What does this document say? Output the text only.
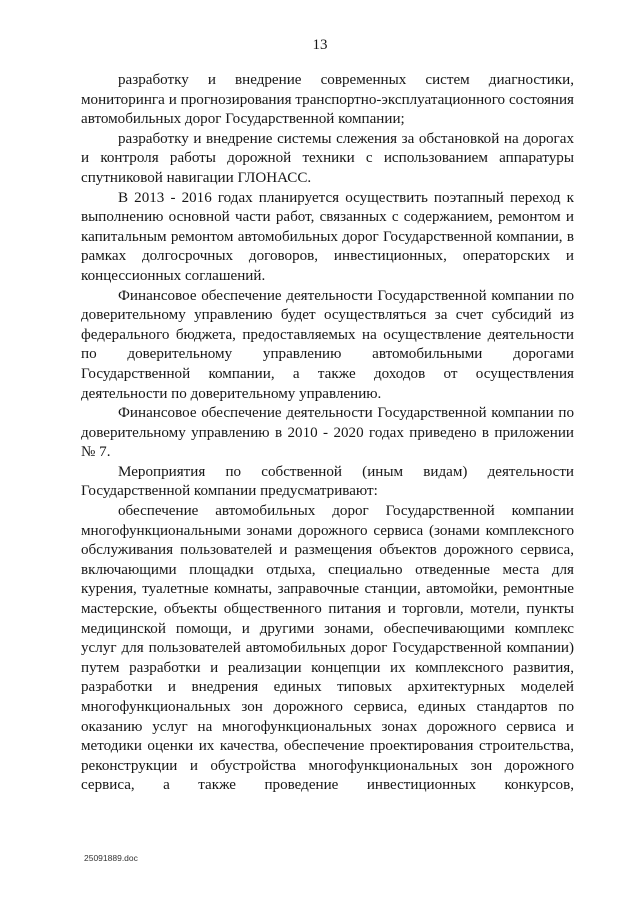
13

разработку и внедрение современных систем диагностики, мониторинга и прогнозирования транспортно-эксплуатационного состояния автомобильных дорог Государственной компании;

разработку и внедрение системы слежения за обстановкой на дорогах и контроля работы дорожной техники с использованием аппаратуры спутниковой навигации ГЛОНАСС.

В 2013 - 2016 годах планируется осуществить поэтапный переход к выполнению основной части работ, связанных с содержанием, ремонтом и капитальным ремонтом автомобильных дорог Государственной компании, в рамках долгосрочных договоров, инвестиционных, операторских и концессионных соглашений.

Финансовое обеспечение деятельности Государственной компании по доверительному управлению будет осуществляться за счет субсидий из федерального бюджета, предоставляемых на осуществление деятельности по доверительному управлению автомобильными дорогами Государственной компании, а также доходов от осуществления деятельности по доверительному управлению.

Финансовое обеспечение деятельности Государственной компании по доверительному управлению в 2010 - 2020 годах приведено в приложении № 7.

Мероприятия по собственной (иным видам) деятельности Государственной компании предусматривают:

обеспечение автомобильных дорог Государственной компании многофункциональными зонами дорожного сервиса (зонами комплексного обслуживания пользователей и размещения объектов дорожного сервиса, включающими площадки отдыха, специально отведенные места для курения, туалетные комнаты, заправочные станции, автомойки, ремонтные мастерские, объекты общественного питания и торговли, мотели, пункты медицинской помощи, и другими зонами, обеспечивающими комплекс услуг для пользователей автомобильных дорог Государственной компании) путем разработки и реализации концепции их комплексного развития, разработки и внедрения единых типовых архитектурных моделей многофункциональных зон дорожного сервиса, единых стандартов по оказанию услуг на многофункциональных зонах дорожного сервиса и методики оценки их качества, обеспечение проектирования строительства, реконструкции и обустройства многофункциональных зон дорожного сервиса, а также проведение инвестиционных конкурсов,

25091889.doc
